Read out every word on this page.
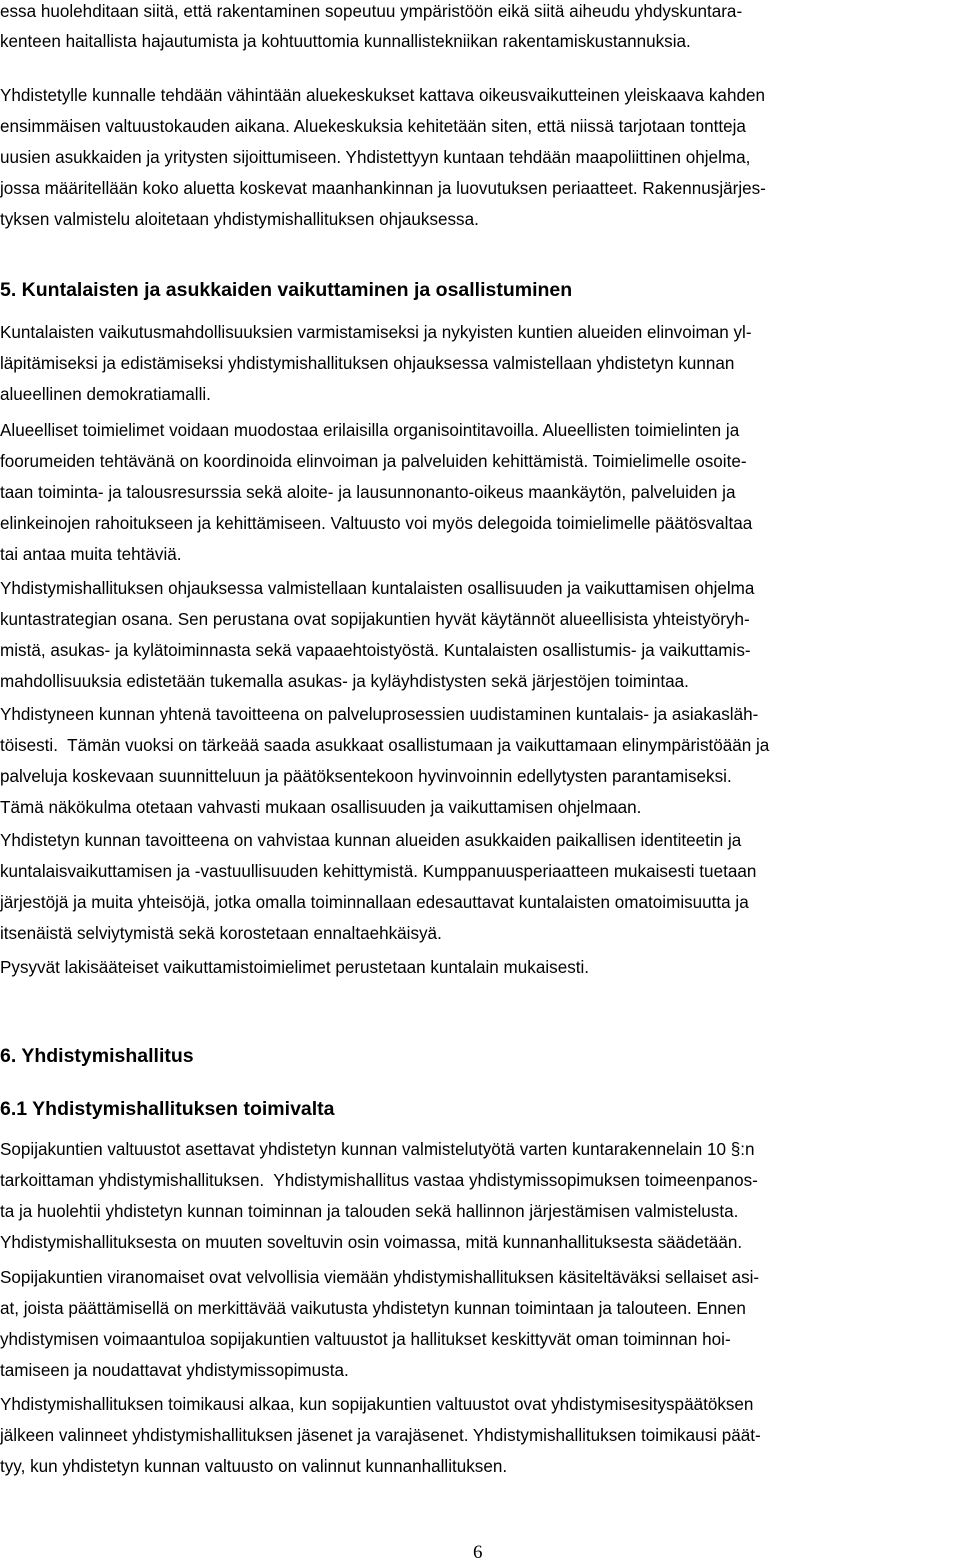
essa huolehditaan siitä, että rakentaminen sopeutuu ympäristöön eikä siitä aiheudu yhdyskuntara-
kenteen haitallista hajautumista ja kohtuuttomia kunnallistekniikan rakentamiskustannuksia.
Yhdistetylle kunnalle tehdään vähintään aluekeskukset kattava oikeusvaikutteinen yleiskaava kahden
ensimmäisen valtuustokauden aikana. Aluekeskuksia kehitetään siten, että niissä tarjotaan tontteja
uusien asukkaiden ja yritysten sijoittumiseen. Yhdistettyyn kuntaan tehdään maapoliittinen ohjelma,
jossa määritellään koko aluetta koskevat maanhankinnan ja luovutuksen periaatteet. Rakennusjärjes-
tyksen valmistelu aloitetaan yhdistymishallituksen ohjauksessa.
5. Kuntalaisten ja asukkaiden vaikuttaminen ja osallistuminen
Kuntalaisten vaikutusmahdollisuuksien varmistamiseksi ja nykyisten kuntien alueiden elinvoiman yl-
läpitämiseksi ja edistämiseksi yhdistymishallituksen ohjauksessa valmistellaan yhdistetyn kunnan
alueellinen demokratiamalli.
Alueelliset toimielimet voidaan muodostaa erilaisilla organisointitavoilla. Alueellisten toimielinten ja
foorumeiden tehtävänä on koordinoida elinvoiman ja palveluiden kehittämistä. Toimielimelle osoite-
taan toiminta- ja talousresurssia sekä aloite- ja lausunnonanto-oikeus maankäytön, palveluiden ja
elinkeinojen rahoitukseen ja kehittämiseen. Valtuusto voi myös delegoida toimielimelle päätösvaltaa
tai antaa muita tehtäviä.
Yhdistymishallituksen ohjauksessa valmistellaan kuntalaisten osallisuuden ja vaikuttamisen ohjelma
kuntastrategian osana. Sen perustana ovat sopijakuntien hyvät käytännöt alueellisista yhteistyöryh-
mistä, asukas- ja kylätoiminnasta sekä vapaaehtoistyöstä. Kuntalaisten osallistumis- ja vaikuttamis-
mahdollisuuksia edistetään tukemalla asukas- ja kyläyhdistysten sekä järjestöjen toimintaa.
Yhdistyneen kunnan yhtenä tavoitteena on palveluprosessien uudistaminen kuntalais- ja asiakasläh-
töisesti.  Tämän vuoksi on tärkeää saada asukkaat osallistumaan ja vaikuttamaan elinympäristöään ja
palveluja koskevaan suunnitteluun ja päätöksentekoon hyvinvoinnin edellytysten parantamiseksi.
Tämä näkökulma otetaan vahvasti mukaan osallisuuden ja vaikuttamisen ohjelmaan.
Yhdistetyn kunnan tavoitteena on vahvistaa kunnan alueiden asukkaiden paikallisen identiteetin ja
kuntalaisvaikuttamisen ja -vastuullisuuden kehittymistä. Kumppanuusperiaatteen mukaisesti tuetaan
järjestöjä ja muita yhteisöjä, jotka omalla toiminnallaan edesauttavat kuntalaisten omatoimisuutta ja
itsenäistä selviytymistä sekä korostetaan ennaltaehkäisyä.
Pysyvät lakisääteiset vaikuttamistoimielimet perustetaan kuntalain mukaisesti.
6. Yhdistymishallitus
6.1 Yhdistymishallituksen toimivalta
Sopijakuntien valtuustot asettavat yhdistetyn kunnan valmistelutyötä varten kuntarakennelain 10 §:n
tarkoittaman yhdistymishallituksen.  Yhdistymishallitus vastaa yhdistymissopimuksen toimeenpanos-
ta ja huolehtii yhdistetyn kunnan toiminnan ja talouden sekä hallinnon järjestämisen valmistelusta.
Yhdistymishallituksesta on muuten soveltuvin osin voimassa, mitä kunnanhallituksesta säädetään.
Sopijakuntien viranomaiset ovat velvollisia viemään yhdistymishallituksen käsiteltäväksi sellaiset asi-
at, joista päättämisellä on merkittävää vaikutusta yhdistetyn kunnan toimintaan ja talouteen. Ennen
yhdistymisen voimaantuloa sopijakuntien valtuustot ja hallitukset keskittyvät oman toiminnan hoi-
tamiseen ja noudattavat yhdistymissopimusta.
Yhdistymishallituksen toimikausi alkaa, kun sopijakuntien valtuustot ovat yhdistymisesityspäätöksen
jälkeen valinneet yhdistymishallituksen jäsenet ja varajäsenet. Yhdistymishallituksen toimikausi päät-
tyy, kun yhdistetyn kunnan valtuusto on valinnut kunnanhallituksen.
6
